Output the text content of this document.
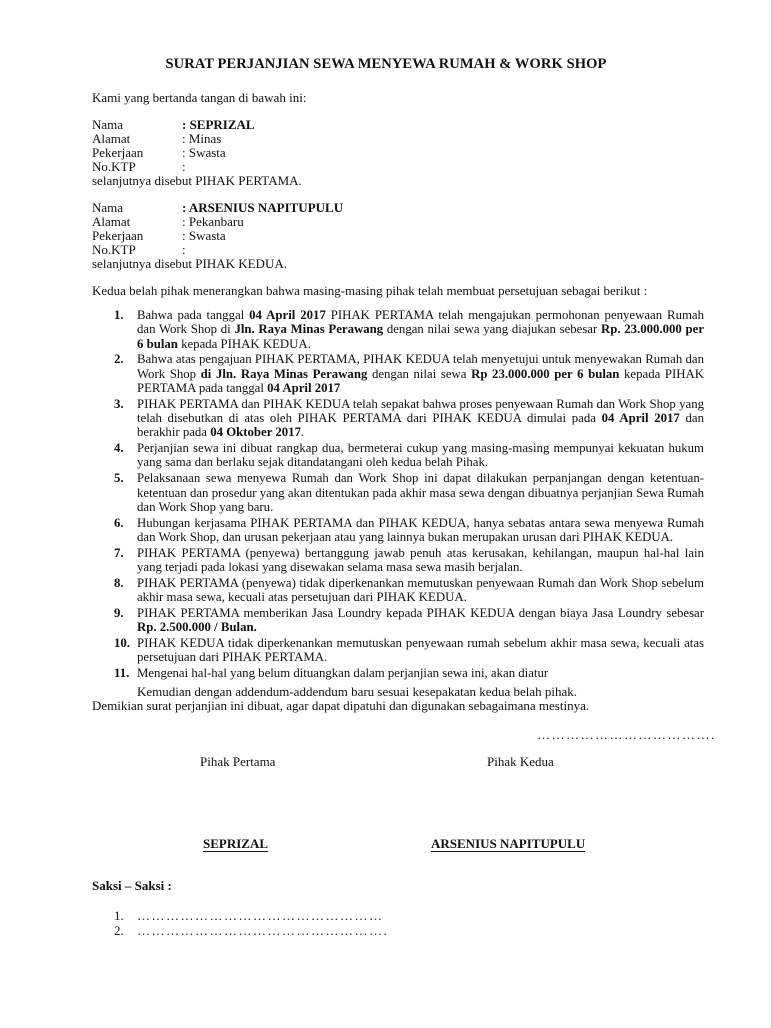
SURAT PERJANJIAN SEWA MENYEWA RUMAH & WORK SHOP
Kami yang bertanda tangan di bawah ini:
Nama	: SEPRIZAL
Alamat	: Minas
Pekerjaan	: Swasta
No.KTP	:
selanjutnya disebut PIHAK PERTAMA.
Nama	: ARSENIUS NAPITUPULU
Alamat	: Pekanbaru
Pekerjaan	: Swasta
No.KTP	:
selanjutnya disebut PIHAK KEDUA.
Kedua belah pihak menerangkan bahwa masing-masing pihak telah membuat persetujuan sebagai berikut :
1. Bahwa pada tanggal 04 April 2017 PIHAK PERTAMA telah mengajukan permohonan penyewaan Rumah dan Work Shop di Jln. Raya Minas Perawang dengan nilai sewa yang diajukan sebesar Rp. 23.000.000 per 6 bulan kepada PIHAK KEDUA.
2. Bahwa atas pengajuan PIHAK PERTAMA, PIHAK KEDUA telah menyetujui untuk menyewakan Rumah dan Work Shop di Jln. Raya Minas Perawang dengan nilai sewa Rp 23.000.000 per 6 bulan kepada PIHAK PERTAMA pada tanggal 04 April 2017
3. PIHAK PERTAMA dan PIHAK KEDUA telah sepakat bahwa proses penyewaan Rumah dan Work Shop yang telah disebutkan di atas oleh PIHAK PERTAMA dari PIHAK KEDUA dimulai pada 04 April 2017 dan berakhir pada 04 Oktober 2017.
4. Perjanjian sewa ini dibuat rangkap dua, bermeterai cukup yang masing-masing mempunyai kekuatan hukum yang sama dan berlaku sejak ditandatangani oleh kedua belah Pihak.
5. Pelaksanaan sewa menyewa Rumah dan Work Shop ini dapat dilakukan perpanjangan dengan ketentuan-ketentuan dan prosedur yang akan ditentukan pada akhir masa sewa dengan dibuatnya perjanjian Sewa Rumah dan Work Shop yang baru.
6. Hubungan kerjasama PIHAK PERTAMA dan PIHAK KEDUA, hanya sebatas antara sewa menyewa Rumah dan Work Shop, dan urusan pekerjaan atau yang lainnya bukan merupakan urusan dari PIHAK KEDUA.
7. PIHAK PERTAMA (penyewa) bertanggung jawab penuh atas kerusakan, kehilangan, maupun hal-hal lain yang terjadi pada lokasi yang disewakan selama masa sewa masih berjalan.
8. PIHAK PERTAMA (penyewa) tidak diperkenankan memutuskan penyewaan Rumah dan Work Shop sebelum akhir masa sewa, kecuali atas persetujuan dari PIHAK KEDUA.
9. PIHAK PERTAMA memberikan Jasa Loundry kepada PIHAK KEDUA dengan biaya Jasa Loundry sebesar Rp. 2.500.000 / Bulan.
10. PIHAK KEDUA tidak diperkenankan memutuskan penyewaan rumah sebelum akhir masa sewa, kecuali atas persetujuan dari PIHAK PERTAMA.
11. Mengenai hal-hal yang belum dituangkan dalam perjanjian sewa ini, akan diatur
Kemudian dengan addendum-addendum baru sesuai kesepakatan kedua belah pihak.
Demikian surat perjanjian ini dibuat, agar dapat dipatuhi dan digunakan sebagaimana mestinya.
……………………………….
Pihak Pertama	Pihak Kedua
SEPRIZAL	ARSENIUS NAPITUPULU
Saksi – Saksi :
1. ……………………………………………
2. …………………………………………….
